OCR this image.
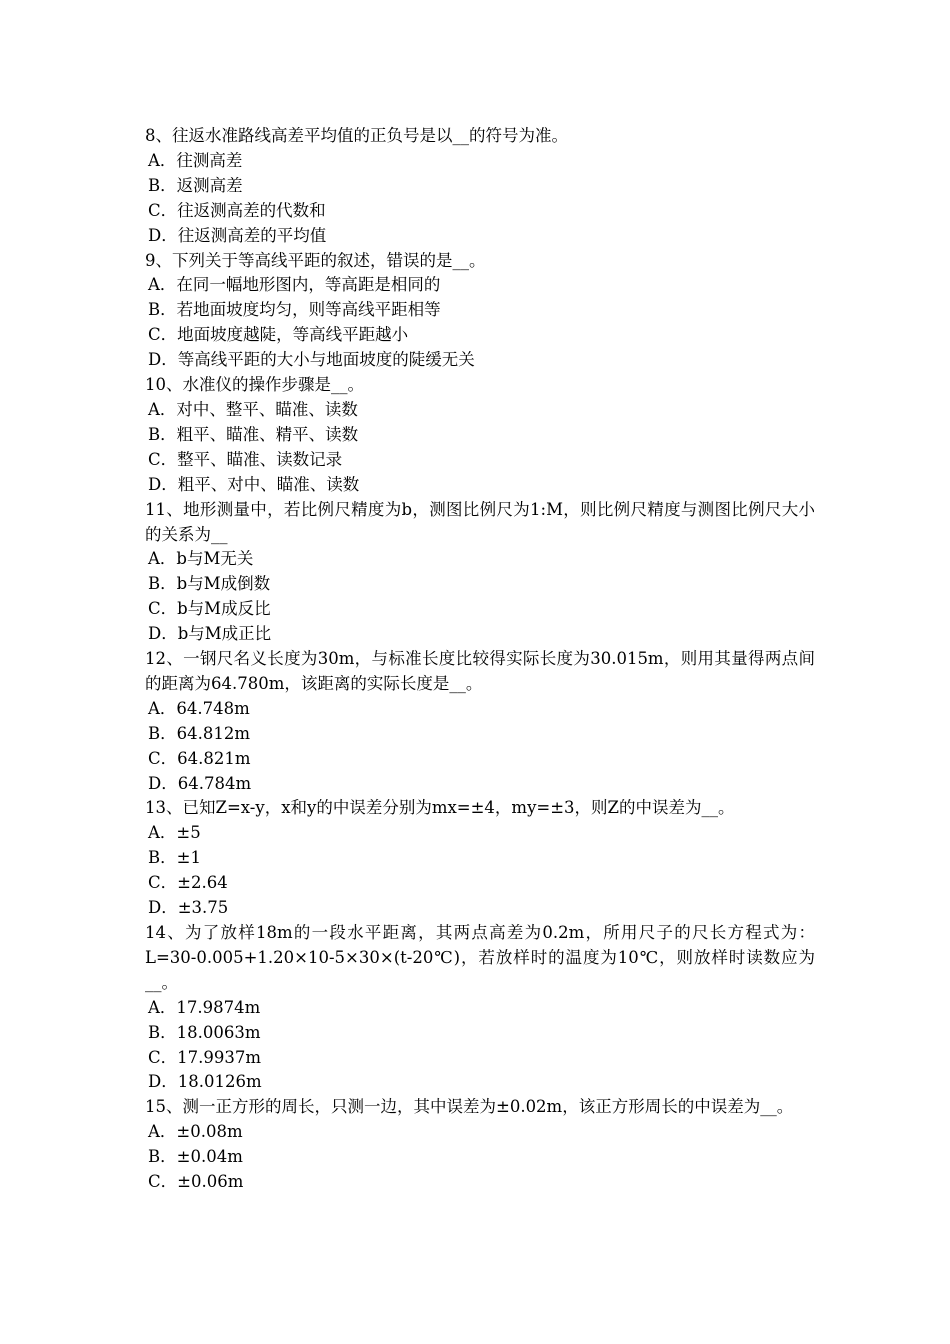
8、往返水准路线高差平均值的正负号是以__的符号为准。

A．往测高差

B．返测高差

C．往返测高差的代数和

D．往返测高差的平均值

9、下列关于等高线平距的叙述，错误的是__。

A．在同一幅地形图内，等高距是相同的

B．若地面坡度均匀，则等高线平距相等

C．地面坡度越陡，等高线平距越小

D．等高线平距的大小与地面坡度的陡缓无关

10、水准仪的操作步骤是__。

A．对中、整平、瞄准、读数

B．粗平、瞄准、精平、读数

C．整平、瞄准、读数记录

D．粗平、对中、瞄准、读数

11、地形测量中，若比例尺精度为b，测图比例尺为1:M，则比例尺精度与测图比例尺大小的关系为__

A．b与M无关

B．b与M成倒数

C．b与M成反比

D．b与M成正比

12、一钢尺名义长度为30m，与标准长度比较得实际长度为30.015m，则用其量得两点间的距离为64.780m，该距离的实际长度是__。

A．64.748m

B．64.812m

C．64.821m

D．64.784m

13、已知Z=x-y，x和y的中误差分别为mx=±4，my=±3，则Z的中误差为__。

A．±5

B．±1

C．±2.64

D．±3.75

14、为了放样18m的一段水平距离，其两点高差为0.2m，所用尺子的尺长方程式为：L=30-0.005+1.20×10-5×30×(t-20℃)，若放样时的温度为10℃，则放样时读数应为__。

A．17.9874m

B．18.0063m

C．17.9937m

D．18.0126m

15、测一正方形的周长，只测一边，其中误差为±0.02m，该正方形周长的中误差为__。

A．±0.08m

B．±0.04m

C．±0.06m
